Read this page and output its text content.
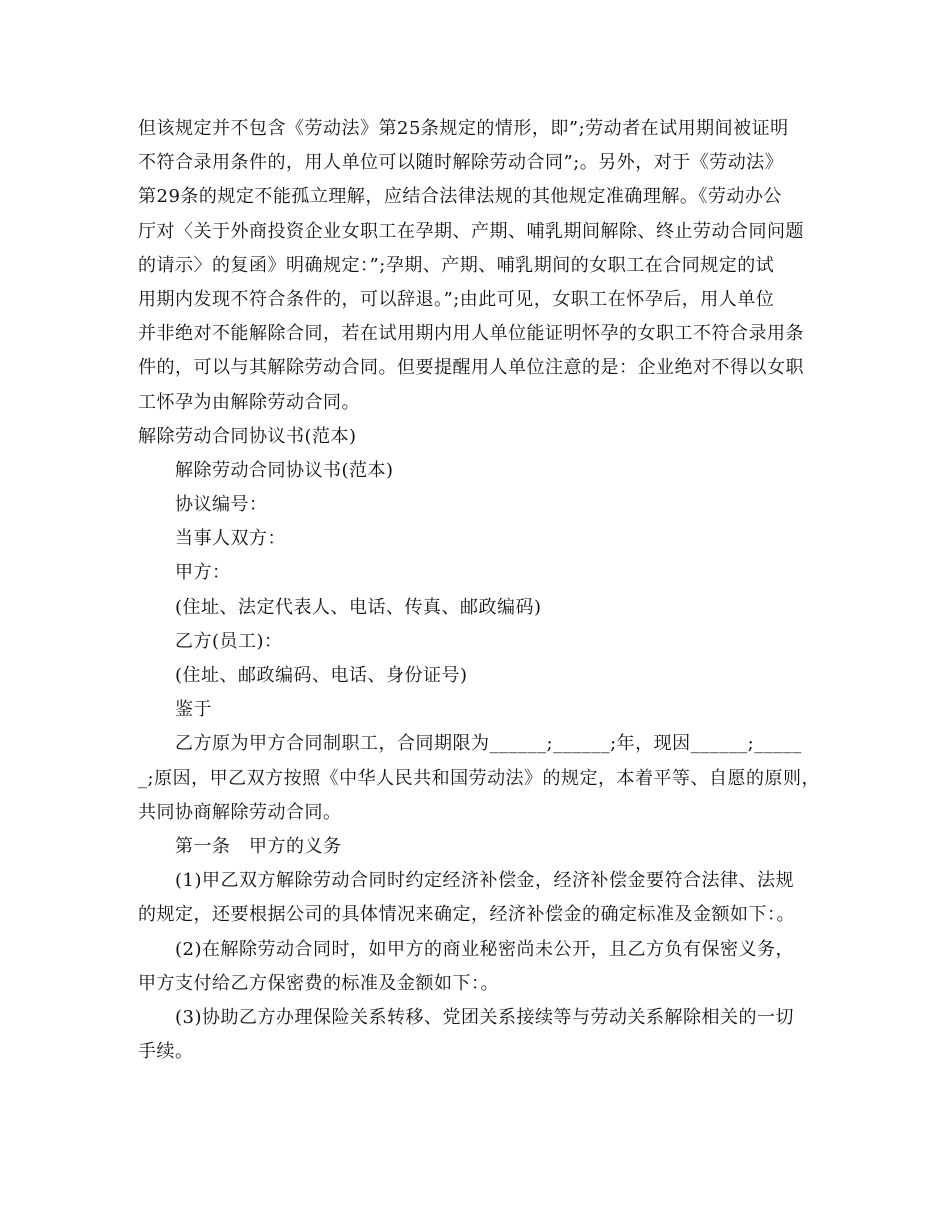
但该规定并不包含《劳动法》第25条规定的情形，即”;劳动者在试用期间被证明
不符合录用条件的，用人单位可以随时解除劳动合同”;。另外，对于《劳动法》
第29条的规定不能孤立理解，应结合法律法规的其他规定准确理解。《劳动办公
厅对〈关于外商投资企业女职工在孕期、产期、哺乳期间解除、终止劳动合同问题
的请示〉的复函》明确规定：”;孕期、产期、哺乳期间的女职工在合同规定的试
用期内发现不符合条件的，可以辞退。”;由此可见，女职工在怀孕后，用人单位
并非绝对不能解除合同，若在试用期内用人单位能证明怀孕的女职工不符合录用条
件的，可以与其解除劳动合同。但要提醒用人单位注意的是：企业绝对不得以女职
工怀孕为由解除劳动合同。
解除劳动合同协议书(范本)
解除劳动合同协议书(范本)
协议编号：
当事人双方：
甲方：
(住址、法定代表人、电话、传真、邮政编码)
乙方(员工)：
(住址、邮政编码、电话、身份证号)
鉴于
乙方原为甲方合同制职工，合同期限为______;______;年，现因______;_____
_;原因，甲乙双方按照《中华人民共和国劳动法》的规定，本着平等、自愿的原则，
共同协商解除劳动合同。
第一条　甲方的义务
(1)甲乙双方解除劳动合同时约定经济补偿金，经济补偿金要符合法律、法规
的规定，还要根据公司的具体情况来确定，经济补偿金的确定标准及金额如下：。
(2)在解除劳动合同时，如甲方的商业秘密尚未公开，且乙方负有保密义务，
甲方支付给乙方保密费的标准及金额如下：。
(3)协助乙方办理保险关系转移、党团关系接续等与劳动关系解除相关的一切
手续。
